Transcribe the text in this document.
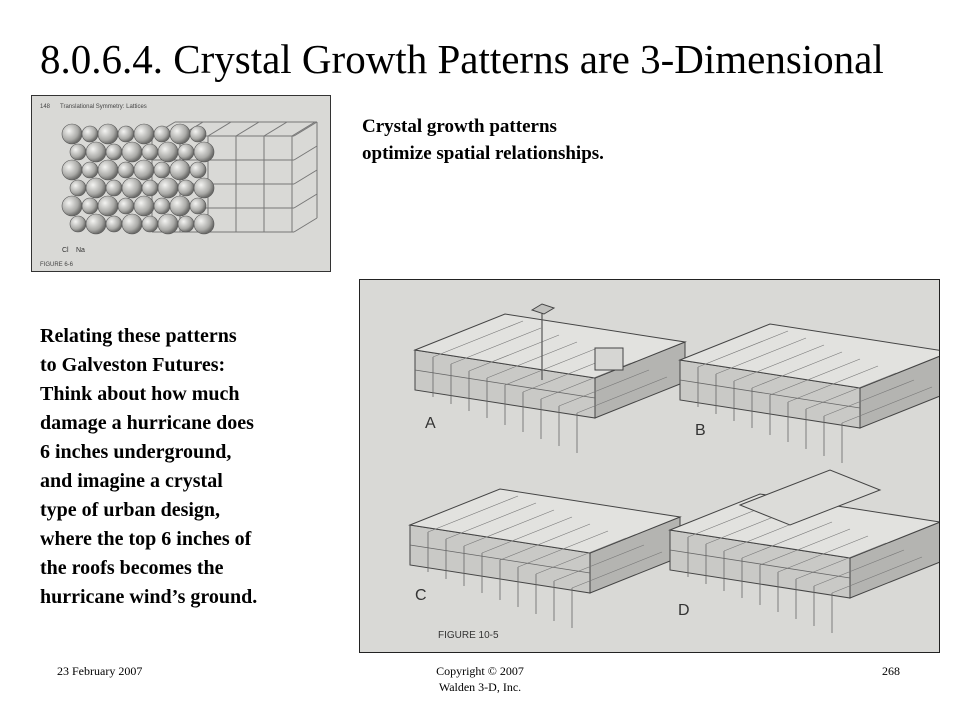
8.0.6.4. Crystal Growth Patterns are 3-Dimensional
148 Translational Symmetry: Lattices
Cl Na
FIGURE 6-6
Crystal growth patterns
optimize spatial relationships.
Relating these patterns
to Galveston Futures:
Think about how much
damage a hurricane does
6 inches underground,
and imagine a crystal
type of urban design,
where the top 6 inches of
the roofs becomes the
hurricane wind’s ground.
A	B
C
D
FIGURE 10-5
23 February 2007	Copyright © 2007
Walden 3-D, Inc.
268
